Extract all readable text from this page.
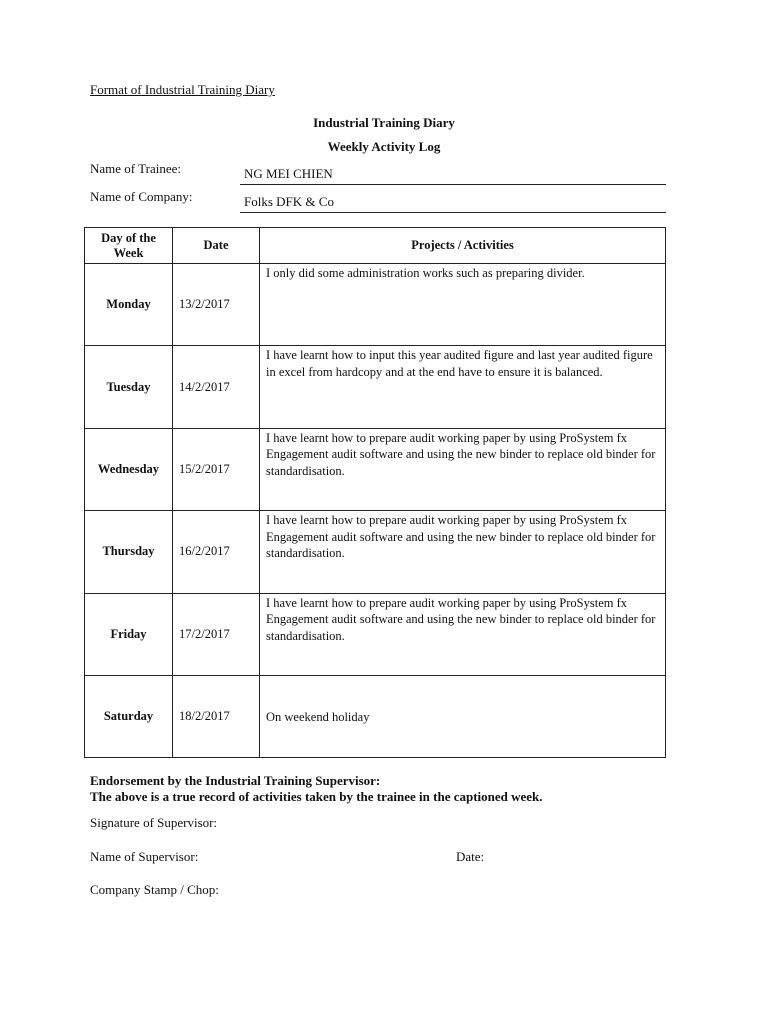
Format of Industrial Training Diary
Industrial Training Diary
Weekly Activity Log
Name of Trainee:	NG MEI CHIEN
Name of Company:	Folks DFK & Co
Day of the Week	Date	Projects / Activities
Monday	13/2/2017	I only did some administration works such as preparing divider.
Tuesday	14/2/2017	I have learnt how to input this year audited figure and last year audited figure in excel from hardcopy and at the end have to ensure it is balanced.
Wednesday	15/2/2017	I have learnt how to prepare audit working paper by using ProSystem fx Engagement audit software and using the new binder to replace old binder for standardisation.
Thursday	16/2/2017	I have learnt how to prepare audit working paper by using ProSystem fx Engagement audit software and using the new binder to replace old binder for standardisation.
Friday	17/2/2017	I have learnt how to prepare audit working paper by using ProSystem fx Engagement audit software and using the new binder to replace old binder for standardisation.
Saturday	18/2/2017	On weekend holiday
Endorsement by the Industrial Training Supervisor:
The above is a true record of activities taken by the trainee in the captioned week.
Signature of Supervisor:
Name of Supervisor:	Date:
Company Stamp / Chop:
